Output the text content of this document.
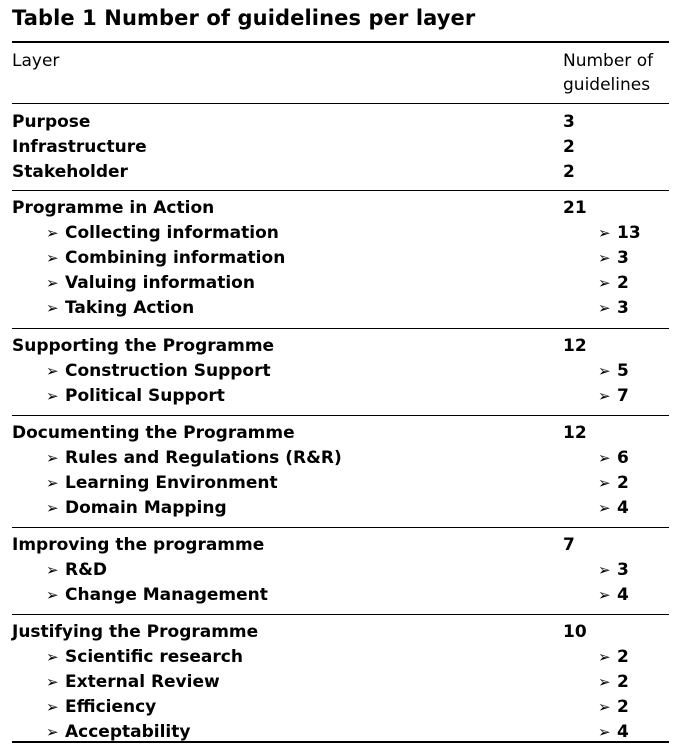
Table 1 Number of guidelines per layer
Layer	Number of
guidelines
Purpose	3
Infrastructure	2
Stakeholder	2
Programme in Action	21
➢ Collecting information	➢ 13
➢ Combining information	➢ 3
➢ Valuing information	➢ 2
➢ Taking Action	➢ 3
Supporting the Programme	12
➢ Construction Support	➢ 5
➢ Political Support	➢ 7
Documenting the Programme	12
➢ Rules and Regulations (R&R)	➢ 6
➢ Learning Environment	➢ 2
➢ Domain Mapping	➢ 4
Improving the programme	7
➢ R&D	➢ 3
➢ Change Management	➢ 4
Justifying the Programme	10
➢ Scientific research	➢ 2
➢ External Review	➢ 2
➢ Efficiency	➢ 2
➢ Acceptability	➢ 4
